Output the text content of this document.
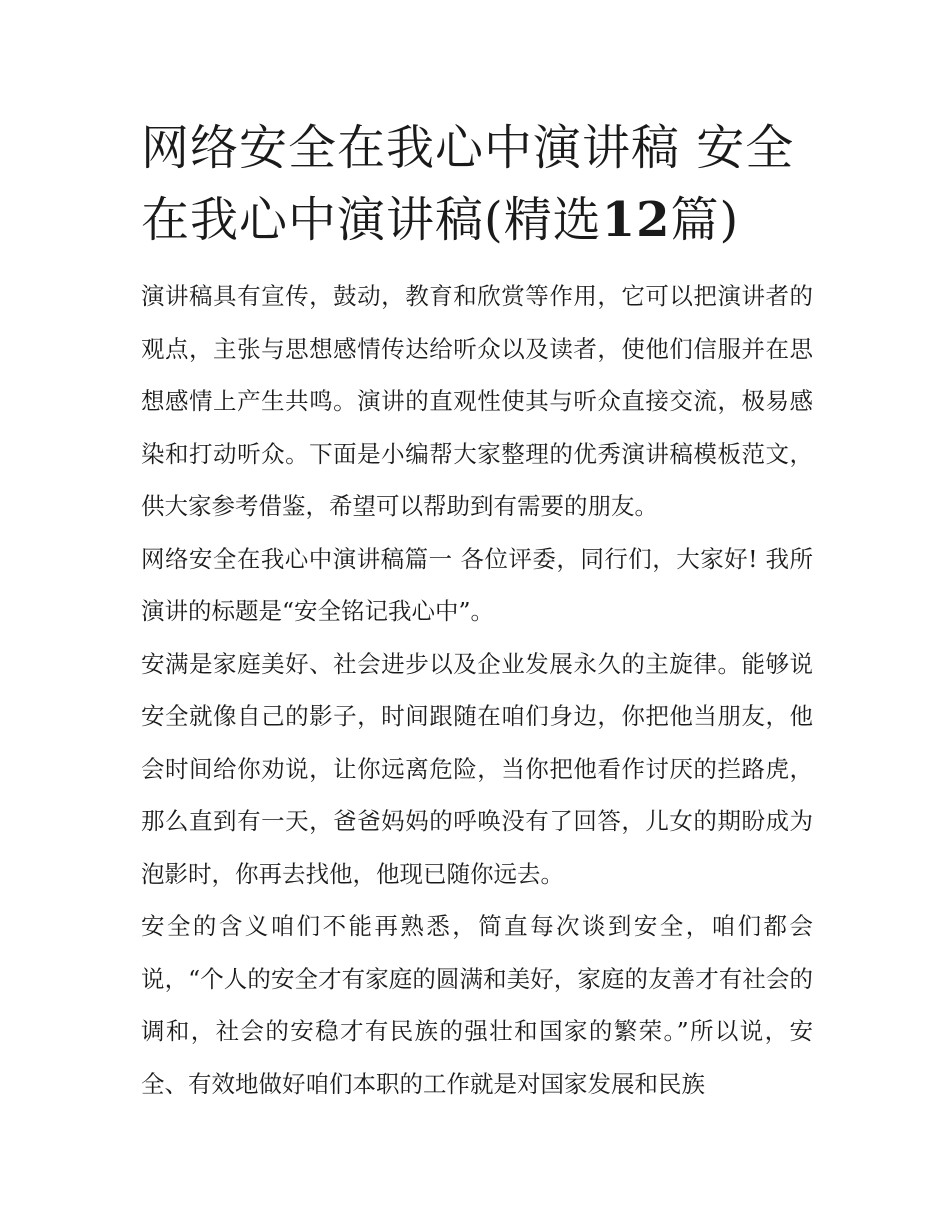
网络安全在我心中演讲稿 安全在我心中演讲稿(精选12篇)

演讲稿具有宣传，鼓动，教育和欣赏等作用，它可以把演讲者的观点，主张与思想感情传达给听众以及读者，使他们信服并在思想感情上产生共鸣。演讲的直观性使其与听众直接交流，极易感染和打动听众。下面是小编帮大家整理的优秀演讲稿模板范文，供大家参考借鉴，希望可以帮助到有需要的朋友。

网络安全在我心中演讲稿篇一 各位评委，同行们，大家好! 我所演讲的标题是“安全铭记我心中”。

安满是家庭美好、社会进步以及企业发展永久的主旋律。能够说安全就像自己的影子，时间跟随在咱们身边，你把他当朋友，他会时间给你劝说，让你远离危险，当你把他看作讨厌的拦路虎，那么直到有一天，爸爸妈妈的呼唤没有了回答，儿女的期盼成为泡影时，你再去找他，他现已随你远去。

安全的含义咱们不能再熟悉，简直每次谈到安全，咱们都会说，“个人的安全才有家庭的圆满和美好，家庭的友善才有社会的调和，社会的安稳才有民族的强壮和国家的繁荣。”所以说，安全、有效地做好咱们本职的工作就是对国家发展和民族
